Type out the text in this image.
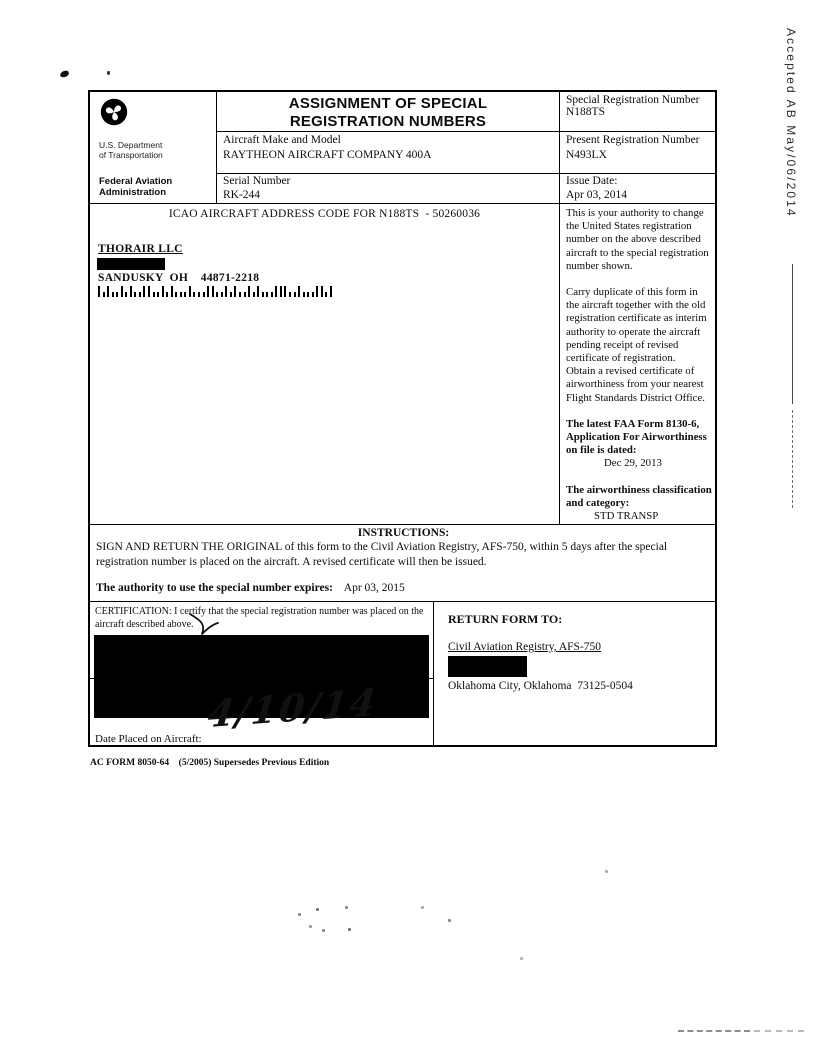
U.S. Department
of Transportation
Federal Aviation
Administration
ASSIGNMENT OF SPECIAL
REGISTRATION NUMBERS
Special Registration Number
N188TS
Aircraft Make and Model
RAYTHEON AIRCRAFT COMPANY 400A
Present Registration Number
N493LX
Serial Number
RK-244
Issue Date:
Apr 03, 2014
ICAO AIRCRAFT ADDRESS CODE FOR N188TS  - 50260036
THORAIR LLC
SANDUSKY  OH    44871-2218

This is your authority to change the United States registration number on the above described aircraft to the special registration number shown.

Carry duplicate of this form in the aircraft together with the old registration certificate as interim authority to operate the aircraft pending receipt of revised certificate of registration.

Obtain a revised certificate of airworthiness from your nearest Flight Standards District Office.

The latest FAA Form 8130-6, Application For Airworthiness on file is dated:

Dec 29, 2013

The airworthiness classification and category:

STD TRANSP

INSTRUCTIONS:
SIGN AND RETURN THE ORIGINAL of this form to the Civil Aviation Registry, AFS-750, within 5 days after the special registration number is placed on the aircraft. A revised certificate will then be issued.
The authority to use the special number expires: Apr 03, 2015
CERTIFICATION: I certify that the special registration number was placed on the aircraft described above.
Date Placed on Aircraft:
4/10/14
RETURN FORM TO:
Civil Aviation Registry, AFS-750
Oklahoma City, Oklahoma  73125-0504
AC FORM 8050-64    (5/2005) Supersedes Previous Edition
Accepted AB May/06/2014
